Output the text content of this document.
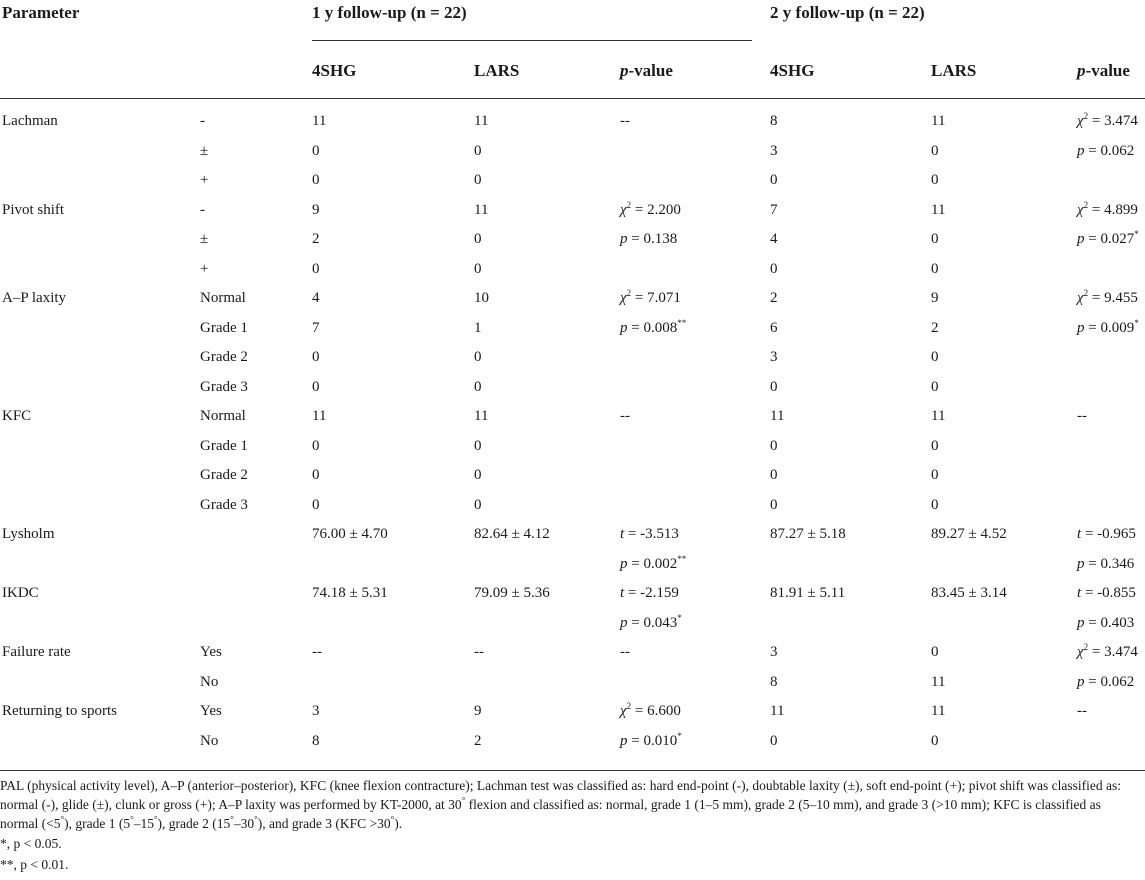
Parameter		1 y follow-up (n = 22)			2 y follow-up (n = 22)		
		4SHG	LARS	p-value	4SHG	LARS	p-value
Lachman	-	11	11	--	8	11	$\chi^2 = 3.474$
	±	0	0		3	0	p = 0.062
	+	0	0		0	0	
Pivot shift	-	9	11	$\chi^2 = 2.200$	7	11	$\chi^2 = 4.899$
	±	2	0	p = 0.138	4	0	p = 0.027*
	+	0	0		0	0	
A–P laxity	Normal	4	10	$\chi^2 = 7.071$	2	9	$\chi^2 = 9.455$
	Grade 1	7	1	p = 0.008**	6	2	p = 0.009*
	Grade 2	0	0		3	0	
	Grade 3	0	0		0	0	
KFC	Normal	11	11	--	11	11	--
	Grade 1	0	0		0	0	
	Grade 2	0	0		0	0	
	Grade 3	0	0		0	0	
Lysholm		76.00 ± 4.70	82.64 ± 4.12	t = -3.513	87.27 ± 5.18	89.27 ± 4.52	t = -0.965
				p = 0.002**			p = 0.346
IKDC		74.18 ± 5.31	79.09 ± 5.36	t = -2.159	81.91 ± 5.11	83.45 ± 3.14	t = -0.855
				p = 0.043*			p = 0.403
Failure rate	Yes	--	--	--	3	0	$\chi^2 = 3.474$
	No				8	11	p = 0.062
Returning to sports	Yes	3	9	$\chi^2 = 6.600$	11	11	--
	No	8	2	p = 0.010*	0	0	
PAL (physical activity level), A–P (anterior–posterior), KFC (knee flexion contracture); Lachman test was classified as: hard end-point (-), doubtable laxity (±), soft end-point (+); pivot shift was classified as: normal (-), glide (±), clunk or gross (+); A–P laxity was performed by KT-2000, at 30° flexion and classified as: normal, grade 1 (1–5 mm), grade 2 (5–10 mm), and grade 3 (>10 mm); KFC is classified as normal (<5°), grade 1 (5°–15°), grade 2 (15°–30°), and grade 3 (KFC >30°).
*, p < 0.05.
**, p < 0.01.
